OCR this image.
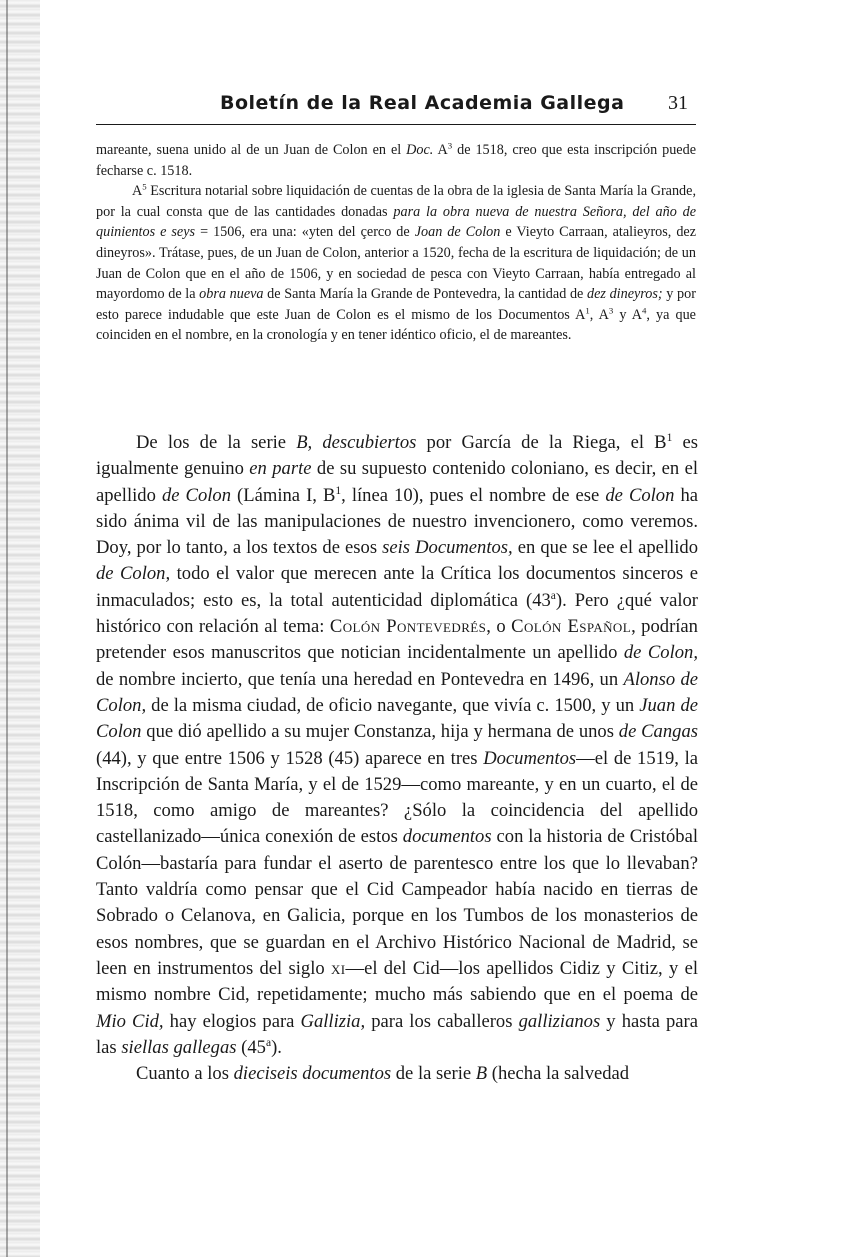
Boletín de la Real Academia Gallega 31

mareante, suena unido al de un Juan de Colon en el Doc. $A^3$ de 1518, creo que esta inscripción puede fecharse c. 1518.

$A^5$ Escritura notarial sobre liquidación de cuentas de la obra de la iglesia de Santa María la Grande, por la cual consta que de las cantidades donadas para la obra nueva de nuestra Señora, del año de quinientos e seys = 1506, era una: «yten del çerco de Joan de Colon e Vieyto Carraan, atalieyros, dez dineyros». Trátase, pues, de un Juan de Colon, anterior a 1520, fecha de la escritura de liquidación; de un Juan de Colon que en el año de 1506, y en sociedad de pesca con Vieyto Carraan, había entregado al mayordomo de la obra nueva de Santa María la Grande de Pontevedra, la cantidad de dez dineyros; y por esto parece indudable que este Juan de Colon es el mismo de los Documentos $A^1$, $A^3$ y $A^4$, ya que coinciden en el nombre, en la cronología y en tener idéntico oficio, el de mareantes.

De los de la serie B, descubiertos por García de la Riega, el $B^1$ es igualmente genuino en parte de su supuesto contenido coloniano, es decir, en el apellido de Colon (Lámina I, $B^1$, línea 10), pues el nombre de ese de Colon ha sido ánima vil de las manipulaciones de nuestro invencionero, como veremos. Doy, por lo tanto, a los textos de esos seis Documentos, en que se lee el apellido de Colon, todo el valor que merecen ante la Crítica los documentos sinceros e inmaculados; esto es, la total autenticidad diplomática (43$^a$). Pero ¿qué valor histórico con relación al tema: Colón Pontevedrés, o Colón Español, podrían pretender esos manuscritos que notician incidentalmente un apellido de Colon, de nombre incierto, que tenía una heredad en Pontevedra en 1496, un Alonso de Colon, de la misma ciudad, de oficio navegante, que vivía c. 1500, y un Juan de Colon que dió apellido a su mujer Constanza, hija y hermana de unos de Cangas (44), y que entre 1506 y 1528 (45) aparece en tres Documentos—el de 1519, la Inscripción de Santa María, y el de 1529—como mareante, y en un cuarto, el de 1518, como amigo de mareantes? ¿Sólo la coincidencia del apellido castellanizado—única conexión de estos documentos con la historia de Cristóbal Colón—bastaría para fundar el aserto de parentesco entre los que lo llevaban? Tanto valdría como pensar que el Cid Campeador había nacido en tierras de Sobrado o Celanova, en Galicia, porque en los Tumbos de los monasterios de esos nombres, que se guardan en el Archivo Histórico Nacional de Madrid, se leen en instrumentos del siglo xi—el del Cid—los apellidos Cidiz y Citiz, y el mismo nombre Cid, repetidamente; mucho más sabiendo que en el poema de Mio Cid, hay elogios para Gallizia, para los caballeros gallizianos y hasta para las siellas gallegas (45$^a$).

Cuanto a los dieciseis documentos de la serie B (hecha la salvedad
